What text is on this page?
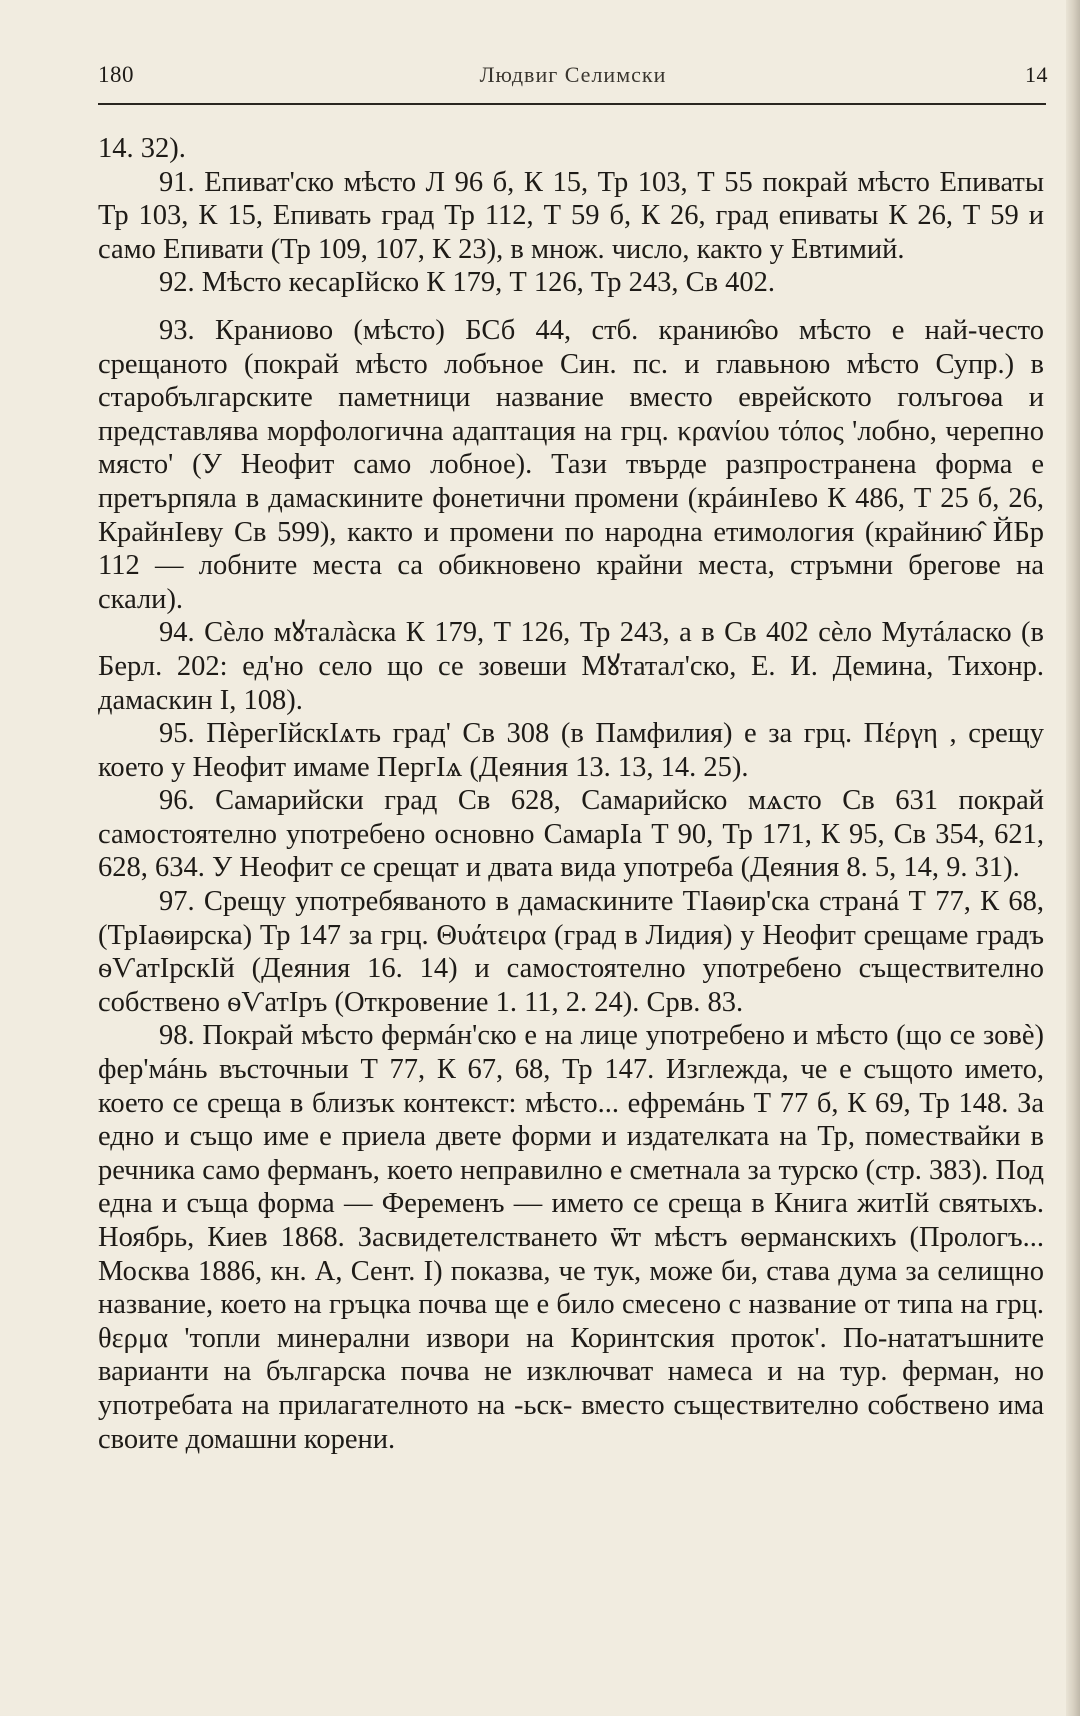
180	Людвиг Селимски	14

14. 32).

91. Епиват'ско мѣсто Л 96 б, К 15, Тр 103, Т 55 покрай мѣсто Епиваты Тр 103, К 15, Епивать град Тр 112, Т 59 б, К 26, град епиваты К 26, Т 59 и само Епивати (Тр 109, 107, К 23), в множ. число, както у Евтимий.

92. Мѣсто кесарІйско К 179, Т 126, Тр 243, Св 402.

93. Краниово (мѣсто) БСб 44, стб. кранию̂во мѣсто е най-често срещаното (покрай мѣсто лобъное Син. пс. и главьною мѣсто Супр.) в старобългарските паметници название вместо еврейското голъгоѳа и представлява морфологична адаптация на грц. κρανίου τόπος 'лобно, черепно място' (У Неофит само лобное). Тази твърде разпространена форма е претърпяла в дамаскините фонетични промени (крáинІево К 486, Т 25 б, 26, КрайнІеву Св 599), както и промени по народна етимология (крайнию̂ ЙБр 112 — лобните места са обикновено крайни места, стръмни брегове на скали).

94. Сѐло мꙋталàска К 179, Т 126, Тр 243, а в Св 402 сѐло Мутáласко (в Берл. 202: ед'но село що се зовеши Мꙋтатал'ско, Е. И. Демина, Тихонр. дамаскин I, 108).

95. ПѐрегІйскІѧть град' Св 308 (в Памфилия) е за грц. Πέργη , срещу което у Неофит имаме ПергІѧ (Деяния 13. 13, 14. 25).

96. Самарийски град Св 628, Самарийско мѧсто Св 631 покрай самостоятелно употребено основно СамарІа Т 90, Тр 171, К 95, Св 354, 621, 628, 634. У Неофит се срещат и двата вида употреба (Деяния 8. 5, 14, 9. 31).

97. Срещу употребяваното в дамаскините ТІаѳир'ска странá Т 77, К 68, (ТрІаѳирска) Тр 147 за грц. Θυάτειρα (град в Лидия) у Неофит срещаме градъ ѳѴатІрскІй (Деяния 16. 14) и самостоятелно употребено съществително собствено ѳѴатІръ (Откровение 1. 11, 2. 24). Срв. 83.

98. Покрай мѣсто фермáн'ско е на лице употребено и мѣсто (що се зовѐ) фер'мáнь въсточныи Т 77, К 67, 68, Тр 147. Изглежда, че е същото името, което се среща в близък контекст: мѣсто... ефремáнь Т 77 б, К 69, Тр 148. За едно и също име е приела двете форми и издателката на Тр, помествайки в речника само ферманъ, което неправилно е сметнала за турско (стр. 383). Под една и съща форма — Феременъ — името се среща в Книга житІй святыхъ. Ноябрь, Киев 1868. Засвидетелстването ѿт мѣстъ ѳерманскихъ (Прологъ... Москва 1886, кн. А, Сент. I) показва, че тук, може би, става дума за селищно название, което на гръцка почва ще е било смесено с название от типа на грц. θερμα 'топли минерални извори на Коринтския проток'. По-нататъшните варианти на българска почва не изключват намеса и на тур. ферман, но употребата на прилагателното на -ьск- вместо съществително собствено има своите домашни корени.
